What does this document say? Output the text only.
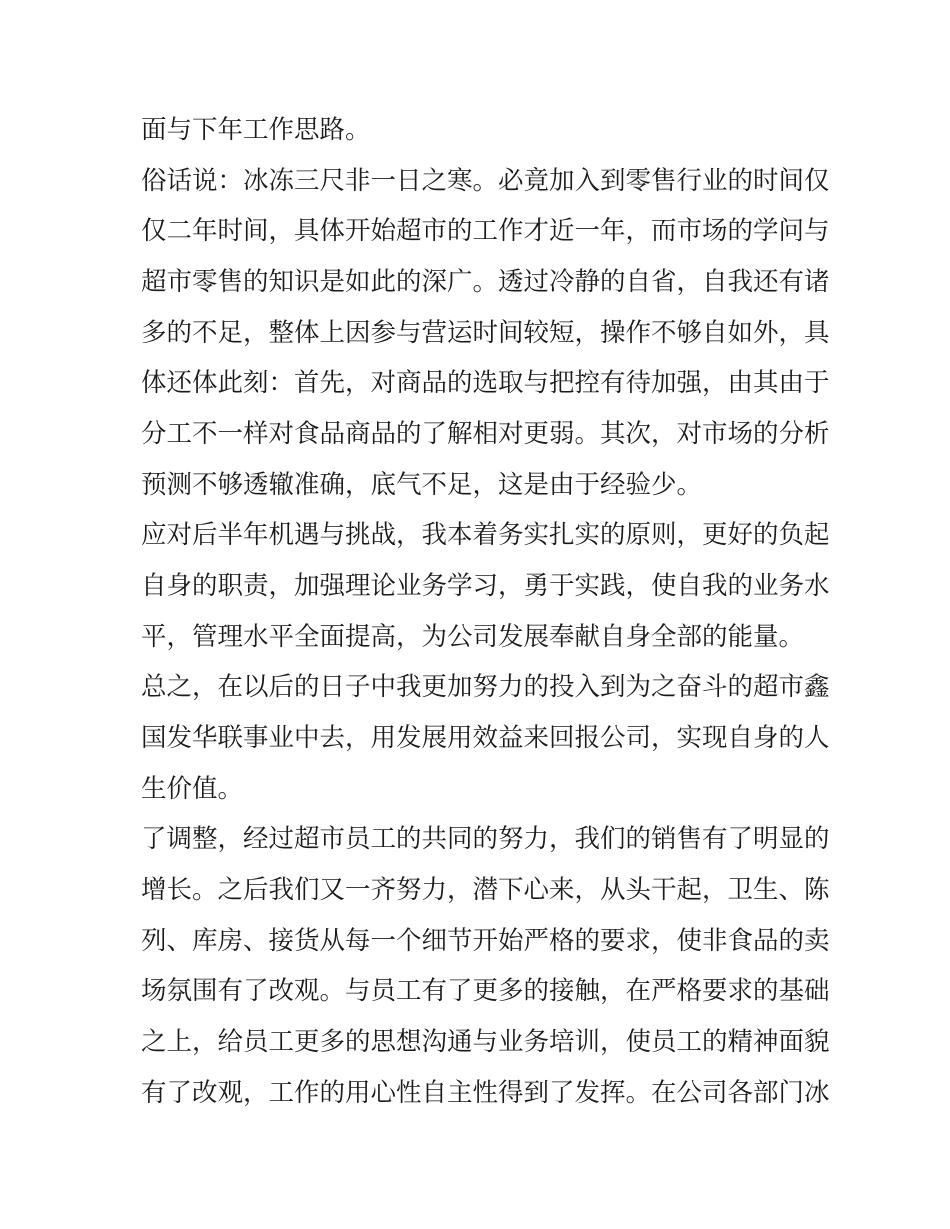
面与下年工作思路。
俗话说：冰冻三尺非一日之寒。必竟加入到零售行业的时间仅
仅二年时间，具体开始超市的工作才近一年，而市场的学问与
超市零售的知识是如此的深广。透过冷静的自省，自我还有诸
多的不足，整体上因参与营运时间较短，操作不够自如外，具
体还体此刻：首先，对商品的选取与把控有待加强，由其由于
分工不一样对食品商品的了解相对更弱。其次，对市场的分析
预测不够透辙准确，底气不足，这是由于经验少。
应对后半年机遇与挑战，我本着务实扎实的原则，更好的负起
自身的职责，加强理论业务学习，勇于实践，使自我的业务水
平，管理水平全面提高，为公司发展奉献自身全部的能量。
总之，在以后的日子中我更加努力的投入到为之奋斗的超市鑫
国发华联事业中去，用发展用效益来回报公司，实现自身的人
生价值。
了调整，经过超市员工的共同的努力，我们的销售有了明显的
增长。之后我们又一齐努力，潜下心来，从头干起，卫生、陈
列、库房、接货从每一个细节开始严格的要求，使非食品的卖
场氛围有了改观。与员工有了更多的接触，在严格要求的基础
之上，给员工更多的思想沟通与业务培训，使员工的精神面貌
有了改观，工作的用心性自主性得到了发挥。在公司各部门冰
